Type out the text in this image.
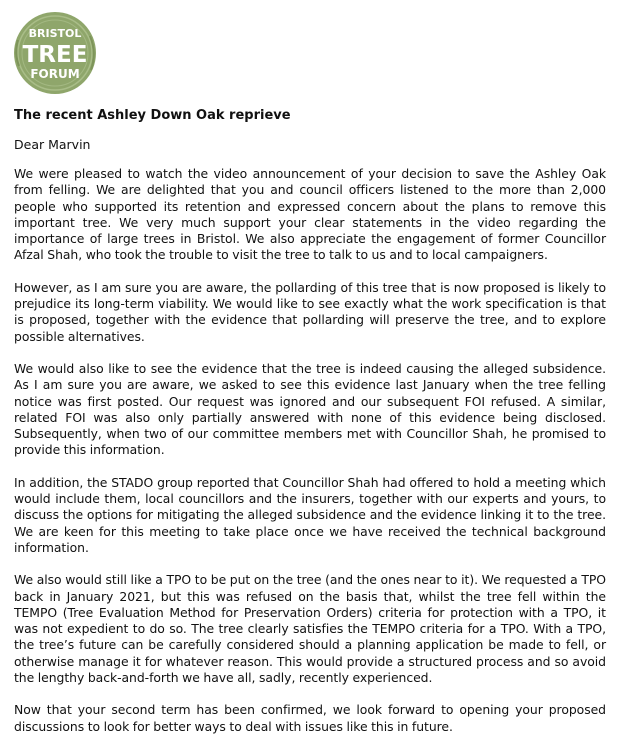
BRISTOL
TREE
FORUM
The recent Ashley Down Oak reprieve
Dear Marvin

We were pleased to watch the video announcement of your decision to save the Ashley Oak from felling. We are delighted that you and council officers listened to the more than 2,000 people who supported its retention and expressed concern about the plans to remove this important tree. We very much support your clear statements in the video regarding the importance of large trees in Bristol. We also appreciate the engagement of former Councillor Afzal Shah, who took the trouble to visit the tree to talk to us and to local campaigners.

However, as I am sure you are aware, the pollarding of this tree that is now proposed is likely to prejudice its long-term viability. We would like to see exactly what the work specification is that is proposed, together with the evidence that pollarding will preserve the tree, and to explore possible alternatives.

We would also like to see the evidence that the tree is indeed causing the alleged subsidence. As I am sure you are aware, we asked to see this evidence last January when the tree felling notice was first posted. Our request was ignored and our subsequent FOI refused. A similar, related FOI was also only partially answered with none of this evidence being disclosed. Subsequently, when two of our committee members met with Councillor Shah, he promised to provide this information.

In addition, the STADO group reported that Councillor Shah had offered to hold a meeting which would include them, local councillors and the insurers, together with our experts and yours, to discuss the options for mitigating the alleged subsidence and the evidence linking it to the tree. We are keen for this meeting to take place once we have received the technical background information.

We also would still like a TPO to be put on the tree (and the ones near to it). We requested a TPO back in January 2021, but this was refused on the basis that, whilst the tree fell within the TEMPO (Tree Evaluation Method for Preservation Orders) criteria for protection with a TPO, it was not expedient to do so. The tree clearly satisfies the TEMPO criteria for a TPO. With a TPO, the tree’s future can be carefully considered should a planning application be made to fell, or otherwise manage it for whatever reason. This would provide a structured process and so avoid the lengthy back-and-forth we have all, sadly, recently experienced.

Now that your second term has been confirmed, we look forward to opening your proposed discussions to look for better ways to deal with issues like this in future.
